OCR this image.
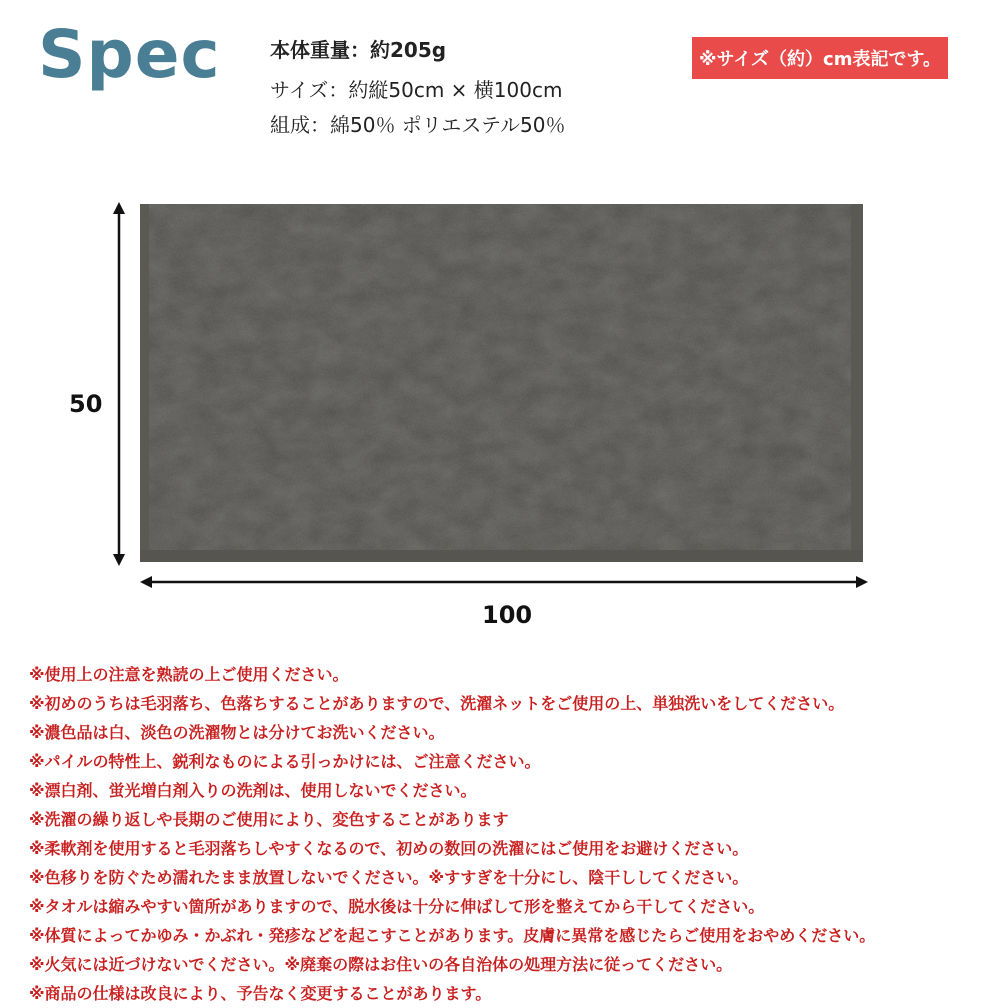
Spec 本体重量：約205g
サイズ：約縦50cm × 横100cm
組成：綿50％ ポリエステル50％
※サイズ（約）cm表記です。
50
100
※使用上の注意を熟読の上ご使用ください。
※初めのうちは毛羽落ち、色落ちすることがありますので、洗濯ネットをご使用の上、単独洗いをしてください。
※濃色品は白、淡色の洗濯物とは分けてお洗いください。
※パイルの特性上、鋭利なものによる引っかけには、ご注意ください。
※漂白剤、蛍光増白剤入りの洗剤は、使用しないでください。
※洗濯の繰り返しや長期のご使用により、変色することがあります
※柔軟剤を使用すると毛羽落ちしやすくなるので、初めの数回の洗濯にはご使用をお避けください。
※色移りを防ぐため濡れたまま放置しないでください。※すすぎを十分にし、陰干ししてください。
※タオルは縮みやすい箇所がありますので、脱水後は十分に伸ばして形を整えてから干してください。
※体質によってかゆみ・かぶれ・発疹などを起こすことがあります。皮膚に異常を感じたらご使用をおやめください。
※火気には近づけないでください。※廃棄の際はお住いの各自治体の処理方法に従ってください。
※商品の仕様は改良により、予告なく変更することがあります。
